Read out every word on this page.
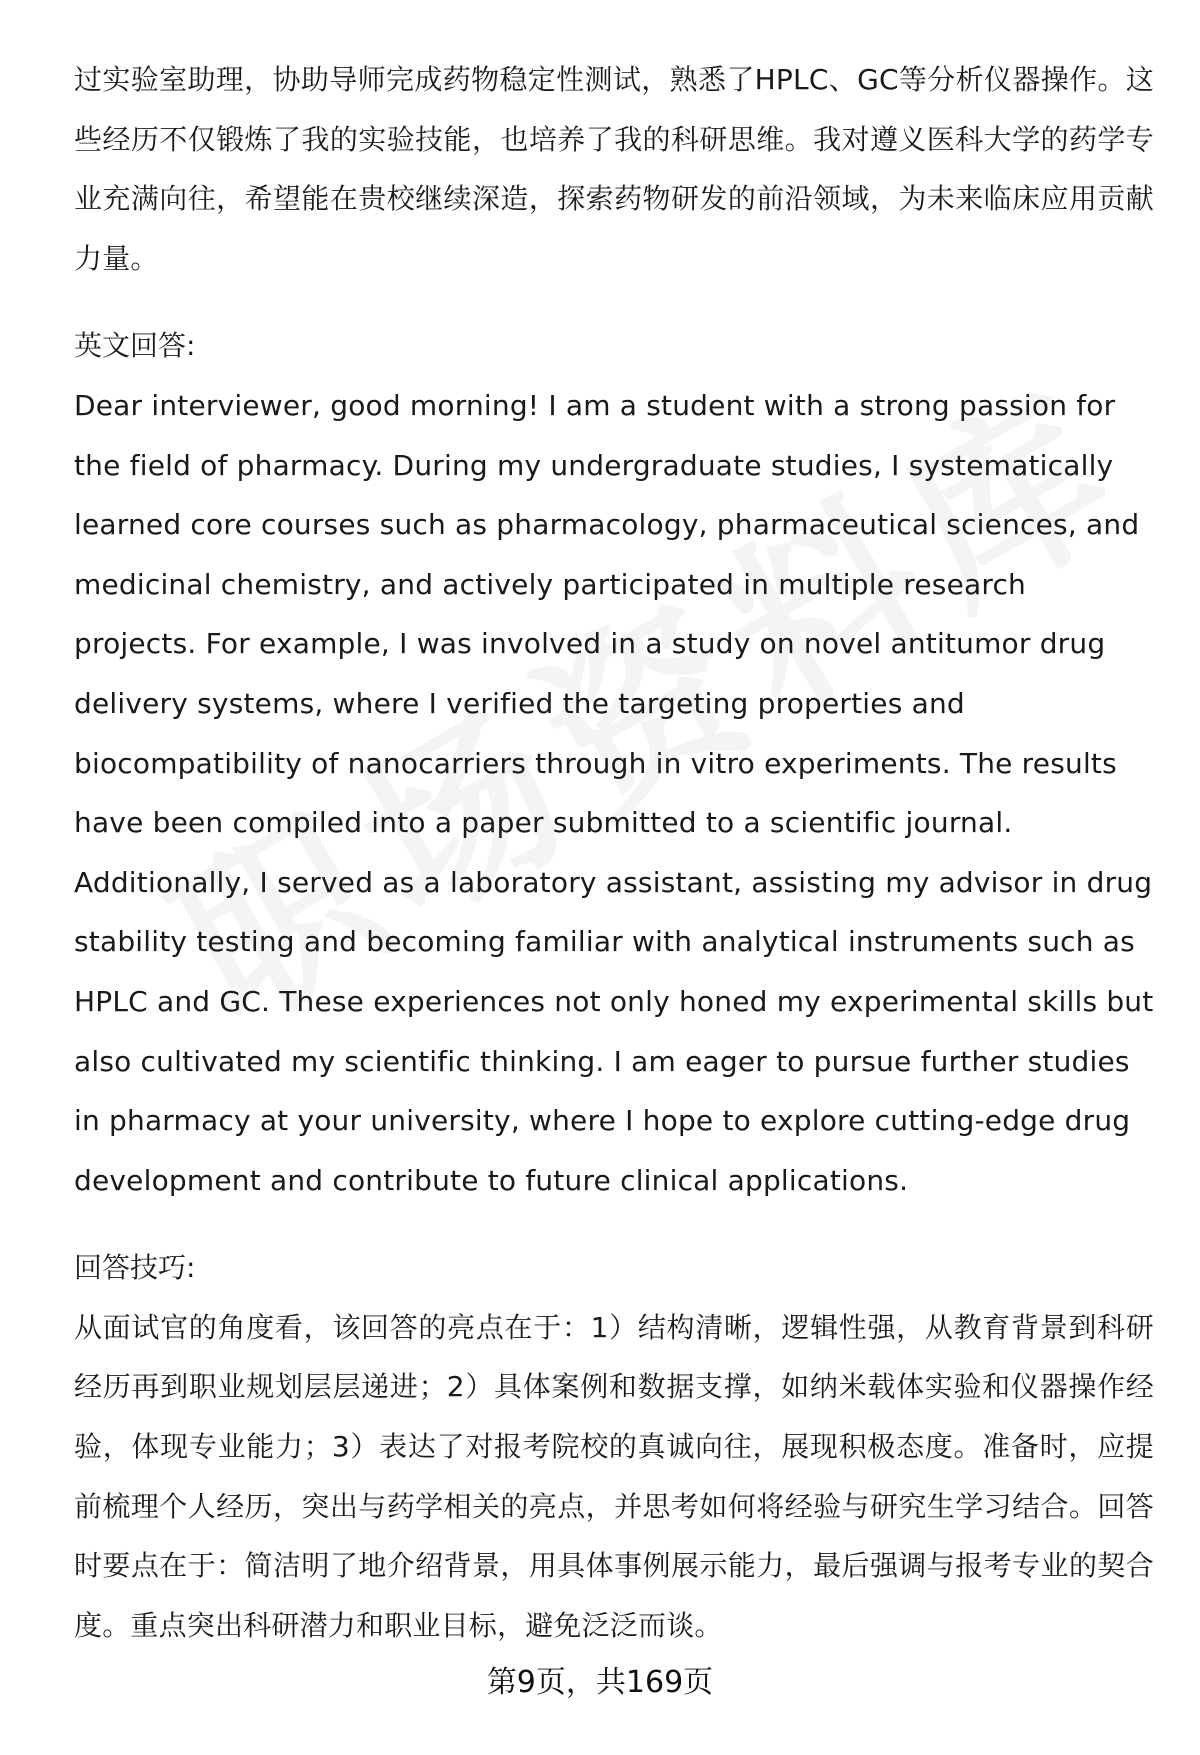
过实验室助理，协助导师完成药物稳定性测试，熟悉了HPLC、GC等分析仪器操作。这些经历不仅锻炼了我的实验技能，也培养了我的科研思维。我对遵义医科大学的药学专业充满向往，希望能在贵校继续深造，探索药物研发的前沿领域，为未来临床应用贡献力量。

英文回答:

Dear interviewer, good morning! I am a student with a strong passion for the field of pharmacy. During my undergraduate studies, I systematically learned core courses such as pharmacology, pharmaceutical sciences, and medicinal chemistry, and actively participated in multiple research projects. For example, I was involved in a study on novel antitumor drug delivery systems, where I verified the targeting properties and biocompatibility of nanocarriers through in vitro experiments. The results have been compiled into a paper submitted to a scientific journal. Additionally, I served as a laboratory assistant, assisting my advisor in drug stability testing and becoming familiar with analytical instruments such as HPLC and GC. These experiences not only honed my experimental skills but also cultivated my scientific thinking. I am eager to pursue further studies in pharmacy at your university, where I hope to explore cutting-edge drug development and contribute to future clinical applications.

回答技巧:

从面试官的角度看，该回答的亮点在于：1）结构清晰，逻辑性强，从教育背景到科研经历再到职业规划层层递进；2）具体案例和数据支撑，如纳米载体实验和仪器操作经验，体现专业能力；3）表达了对报考院校的真诚向往，展现积极态度。准备时，应提前梳理个人经历，突出与药学相关的亮点，并思考如何将经验与研究生学习结合。回答时要点在于：简洁明了地介绍背景，用具体事例展示能力，最后强调与报考专业的契合度。重点突出科研潜力和职业目标，避免泛泛而谈。

第9页，共169页
